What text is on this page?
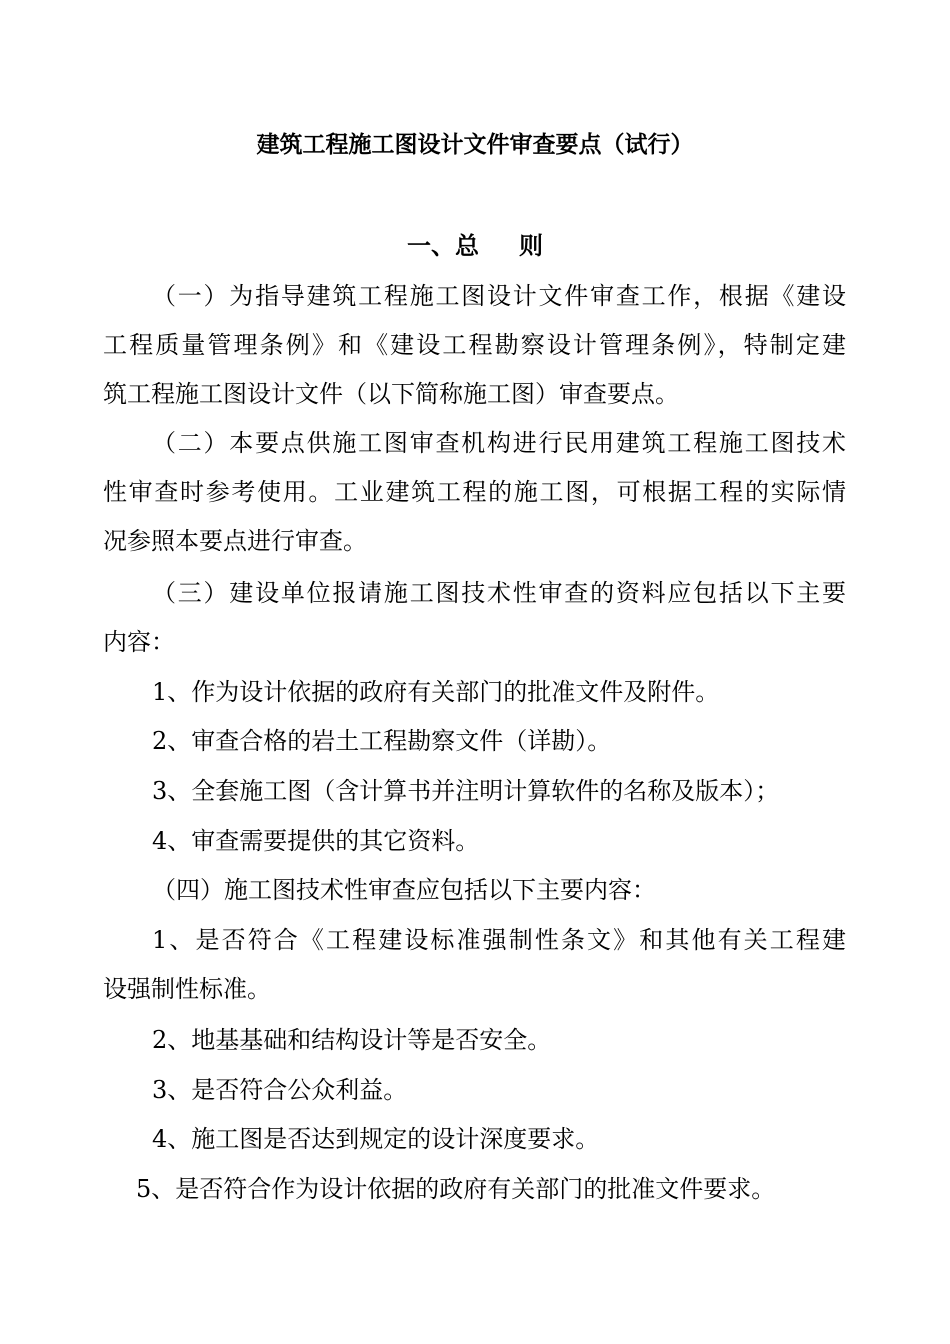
建筑工程施工图设计文件审查要点（试行）
一、总 则
（一）为指导建筑工程施工图设计文件审查工作，根据《建设
工程质量管理条例》和《建设工程勘察设计管理条例》，特制定建
筑工程施工图设计文件（以下简称施工图）审查要点。
（二）本要点供施工图审查机构进行民用建筑工程施工图技术
性审查时参考使用。工业建筑工程的施工图，可根据工程的实际情
况参照本要点进行审查。
（三）建设单位报请施工图技术性审查的资料应包括以下主要
内容：
1、作为设计依据的政府有关部门的批准文件及附件。
2、审查合格的岩土工程勘察文件（详勘）。
3、全套施工图（含计算书并注明计算软件的名称及版本）；
4、审查需要提供的其它资料。
（四）施工图技术性审查应包括以下主要内容：
1、是否符合《工程建设标准强制性条文》和其他有关工程建
设强制性标准。
2、地基基础和结构设计等是否安全。
3、是否符合公众利益。
4、施工图是否达到规定的设计深度要求。
5、是否符合作为设计依据的政府有关部门的批准文件要求。
